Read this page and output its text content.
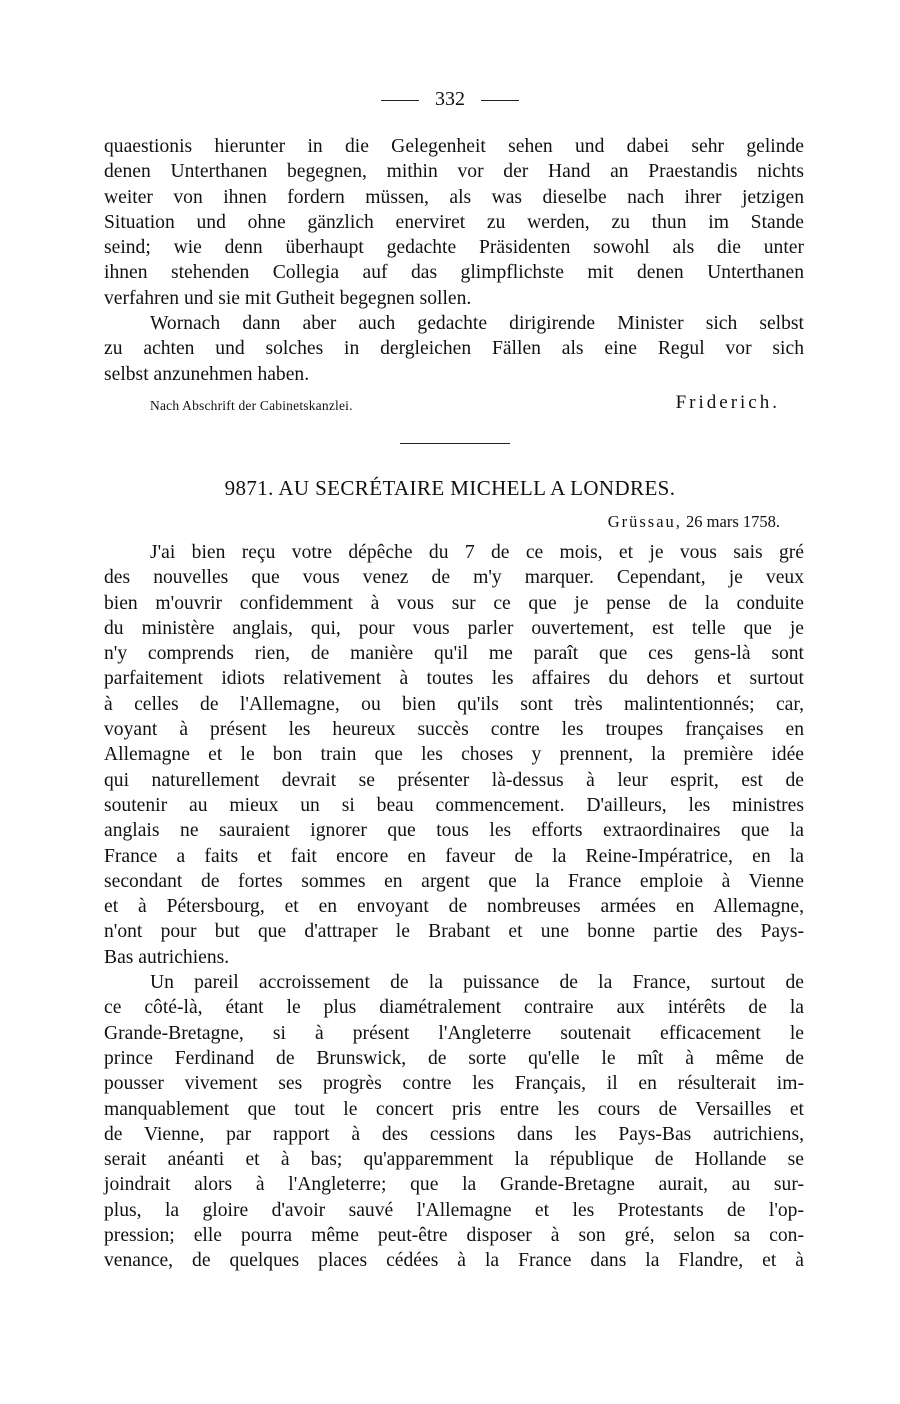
332
quaestionis hierunter in die Gelegenheit sehen und dabei sehr gelinde
denen Unterthanen begegnen, mithin vor der Hand an Praestandis nichts
weiter von ihnen fordern müssen, als was dieselbe nach ihrer jetzigen
Situation und ohne gänzlich enerviret zu werden, zu thun im Stande
seind; wie denn überhaupt gedachte Präsidenten sowohl als die unter
ihnen stehenden Collegia auf das glimpflichste mit denen Unterthanen
verfahren und sie mit Gutheit begegnen sollen.
Wornach dann aber auch gedachte dirigirende Minister sich selbst
zu achten und solches in dergleichen Fällen als eine Regul vor sich
selbst anzunehmen haben.
Nach Abschrift der Cabinetskanzlei.	Friderich.
9871. AU SECRÉTAIRE MICHELL A LONDRES.
Grüssau, 26 mars 1758.
J'ai bien reçu votre dépêche du 7 de ce mois, et je vous sais gré
des nouvelles que vous venez de m'y marquer. Cependant, je veux
bien m'ouvrir confidemment à vous sur ce que je pense de la conduite
du ministère anglais, qui, pour vous parler ouvertement, est telle que je
n'y comprends rien, de manière qu'il me paraît que ces gens-là sont
parfaitement idiots relativement à toutes les affaires du dehors et surtout
à celles de l'Allemagne, ou bien qu'ils sont très malintentionnés; car,
voyant à présent les heureux succès contre les troupes françaises en
Allemagne et le bon train que les choses y prennent, la première idée
qui naturellement devrait se présenter là-dessus à leur esprit, est de
soutenir au mieux un si beau commencement. D'ailleurs, les ministres
anglais ne sauraient ignorer que tous les efforts extraordinaires que la
France a faits et fait encore en faveur de la Reine-Impératrice, en la
secondant de fortes sommes en argent que la France emploie à Vienne
et à Pétersbourg, et en envoyant de nombreuses armées en Allemagne,
n'ont pour but que d'attraper le Brabant et une bonne partie des Pays-
Bas autrichiens.
Un pareil accroissement de la puissance de la France, surtout de
ce côté-là, étant le plus diamétralement contraire aux intérêts de la
Grande-Bretagne, si à présent l'Angleterre soutenait efficacement le
prince Ferdinand de Brunswick, de sorte qu'elle le mît à même de
pousser vivement ses progrès contre les Français, il en résulterait im-
manquablement que tout le concert pris entre les cours de Versailles et
de Vienne, par rapport à des cessions dans les Pays-Bas autrichiens,
serait anéanti et à bas; qu'apparemment la république de Hollande se
joindrait alors à l'Angleterre; que la Grande-Bretagne aurait, au sur-
plus, la gloire d'avoir sauvé l'Allemagne et les Protestants de l'op-
pression; elle pourra même peut-être disposer à son gré, selon sa con-
venance, de quelques places cédées à la France dans la Flandre, et à
